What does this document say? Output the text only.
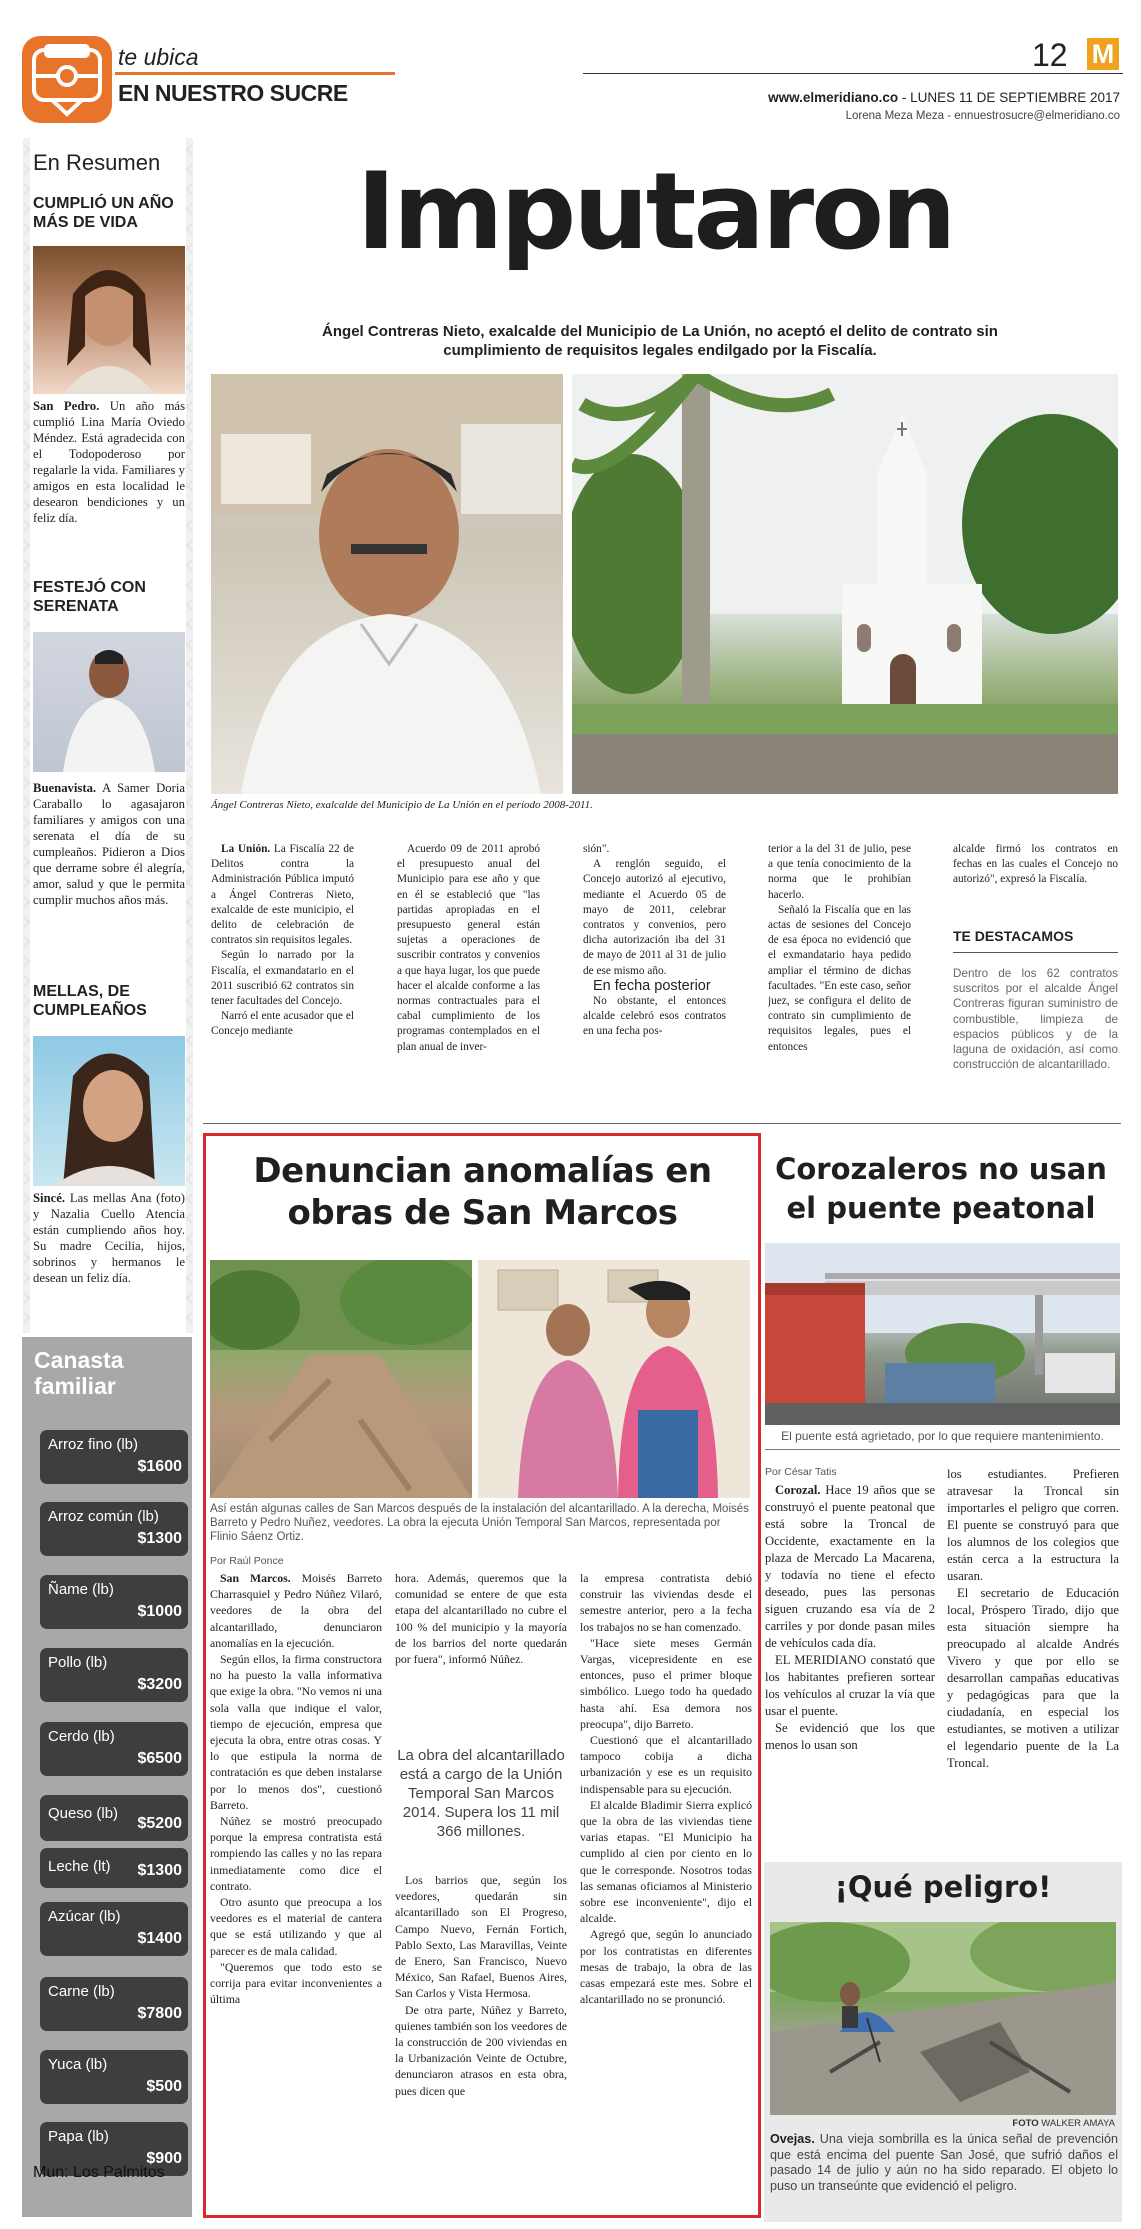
te ubica
EN NUESTRO SUCRE
12 M
www.elmeridiano.co - LUNES 11 DE SEPTIEMBRE 2017
Lorena Meza Meza - ennuestrosucre@elmeridiano.co
En Resumen
CUMPLIÓ UN AÑO MÁS DE VIDA
San Pedro. Un año más cumplió Lina María Oviedo Méndez. Está agradecida con el Todopoderoso por regalarle la vida. Familiares y amigos en esta localidad le desearon bendiciones y un feliz día.
FESTEJÓ CON SERENATA
Buenavista. A Samer Doria Caraballo lo agasajaron familiares y amigos con una serenata el día de su cumpleaños. Pidieron a Dios que derrame sobre él alegría, amor, salud y que le permita cumplir muchos años más.
MELLAS, DE CUMPLEAÑOS
Sincé. Las mellas Ana (foto) y Nazalia Cuello Atencia están cumpliendo años hoy. Su madre Cecilia, hijos, sobrinos y hermanos le desean un feliz día.
Canasta familiar
Arroz fino (lb)
$1600
Arroz común (lb)
$1300
Ñame (lb)
$1000
Pollo (lb)
$3200
Cerdo (lb)
$6500
Queso (lb)
$5200
Leche (lt) $1300
Azúcar (lb)
$1400
Carne (lb)
$7800
Yuca (lb)
$500
Papa (lb)
$900
Mun: Los Palmitos
Imputaron
Ángel Contreras Nieto, exalcalde del Municipio de La Unión, no aceptó el delito de contrato sin cumplimiento de requisitos legales endilgado por la Fiscalía.
Ángel Contreras Nieto, exalcalde del Municipio de La Unión en el periodo 2008-2011.

La Unión. La Fiscalía 22 de Delitos contra la Administración Pública imputó a Ángel Contreras Nieto, exalcalde de este municipio, el delito de celebración de contratos sin requisitos legales.

Según lo narrado por la Fiscalía, el exmandatario en el 2011 suscribió 62 contratos sin tener facultades del Concejo.

Narró el ente acusador que el Concejo mediante

Acuerdo 09 de 2011 aprobó el presupuesto anual del Municipio para ese año y que en él se estableció que "las partidas apropiadas en el presupuesto general están sujetas a operaciones de suscribir contratos y convenios a que haya lugar, los que puede hacer el alcalde conforme a las normas contractuales para el cabal cumplimiento de los programas contemplados en el plan anual de inver-

sión".

A renglón seguido, el Concejo autorizó al ejecutivo, mediante el Acuerdo 05 de mayo de 2011, celebrar contratos y convenios, pero dicha autorización iba del 31 de mayo de 2011 al 31 de julio de ese mismo año.

En fecha posterior

No obstante, el entonces alcalde celebró esos contratos en una fecha pos-

terior a la del 31 de julio, pese a que tenía conocimiento de la norma que le prohibían hacerlo.

Señaló la Fiscalía que en las actas de sesiones del Concejo de esa época no evidenció que el exmandatario haya pedido ampliar el término de dichas facultades. "En este caso, señor juez, se configura el delito de contrato sin cumplimiento de requisitos legales, pues el entonces

alcalde firmó los contratos en fechas en las cuales el Concejo no autorizó", expresó la Fiscalía.

TE DESTACAMOS
Dentro de los 62 contratos suscritos por el alcalde Ángel Contreras figuran suministro de combustible, limpieza de espacios públicos y de la laguna de oxidación, así como construcción de alcantarillado.
Denuncian anomalías en obras de San Marcos
Así están algunas calles de San Marcos después de la instalación del alcantarillado. A la derecha, Moisés Barreto y Pedro Nuñez, veedores. La obra la ejecuta Unión Temporal San Marcos, representada por Flinio Sáenz Ortiz.
Por Raúl Ponce

San Marcos. Moisés Barreto Charrasquiel y Pedro Núñez Vilaró, veedores de la obra del alcantarillado, denunciaron anomalías en la ejecución.

Según ellos, la firma constructora no ha puesto la valla informativa que exige la obra. "No vemos ni una sola valla que indique el valor, tiempo de ejecución, empresa que ejecuta la obra, entre otras cosas. Y lo que estipula la norma de contratación es que deben instalarse por lo menos dos", cuestionó Barreto.

Núñez se mostró preocupado porque la empresa contratista está rompiendo las calles y no las repara inmediatamente como dice el contrato.

Otro asunto que preocupa a los veedores es el material de cantera que se está utilizando y que al parecer es de mala calidad.

"Queremos que todo esto se corrija para evitar inconvenientes a última

hora. Además, queremos que la comunidad se entere de que esta etapa del alcantarillado no cubre el 100 % del municipio y la mayoría de los barrios del norte quedarán por fuera", informó Núñez.

La obra del alcantarillado está a cargo de la Unión Temporal San Marcos 2014. Supera los 11 mil 366 millones.

Los barrios que, según los veedores, quedarán sin alcantarillado son El Progreso, Campo Nuevo, Fernán Fortich, Pablo Sexto, Las Maravillas, Veinte de Enero, San Francisco, Nuevo México, San Rafael, Buenos Aires, San Carlos y Vista Hermosa.

De otra parte, Núñez y Barreto, quienes también son los veedores de la construcción de 200 viviendas en la Urbanización Veinte de Octubre, denunciaron atrasos en esta obra, pues dicen que

la empresa contratista debió construir las viviendas desde el semestre anterior, pero a la fecha los trabajos no se han comenzado.

"Hace siete meses Germán Vargas, vicepresidente en ese entonces, puso el primer bloque simbólico. Luego todo ha quedado hasta ahí. Esa demora nos preocupa", dijo Barreto.

Cuestionó que el alcantarillado tampoco cobija a dicha urbanización y ese es un requisito indispensable para su ejecución.

El alcalde Bladimir Sierra explicó que la obra de las viviendas tiene varias etapas. "El Municipio ha cumplido al cien por ciento en lo que le corresponde. Nosotros todas las semanas oficiamos al Ministerio sobre ese inconveniente", dijo el alcalde.

Agregó que, según lo anunciado por los contratistas en diferentes mesas de trabajo, la obra de las casas empezará este mes. Sobre el alcantarillado no se pronunció.

Corozaleros no usan el puente peatonal
El puente está agrietado, por lo que requiere mantenimiento.
Por César Tatis

Corozal. Hace 19 años que se construyó el puente peatonal que está sobre la Troncal de Occidente, exactamente en la plaza de Mercado La Macarena, y todavía no tiene el efecto deseado, pues las personas siguen cruzando esa vía de 2 carriles y por donde pasan miles de vehículos cada día.

EL MERIDIANO constató que los habitantes prefieren sortear los vehículos al cruzar la vía que usar el puente.

Se evidenció que los que menos lo usan son

los estudiantes. Prefieren atravesar la Troncal sin importarles el peligro que corren. El puente se construyó para que los alumnos de los colegios que están cerca a la estructura la usaran.

El secretario de Educación local, Próspero Tirado, dijo que esta situación siempre ha preocupado al alcalde Andrés Vivero y que por ello se desarrollan campañas educativas y pedagógicas para que la ciudadanía, en especial los estudiantes, se motiven a utilizar el legendario puente de la La Troncal.

¡Qué peligro!
FOTO WALKER AMAYA
Ovejas. Una vieja sombrilla es la única señal de prevención que está encima del puente San José, que sufrió daños el pasado 14 de julio y aún no ha sido reparado. El objeto lo puso un transeúnte que evidenció el peligro.
